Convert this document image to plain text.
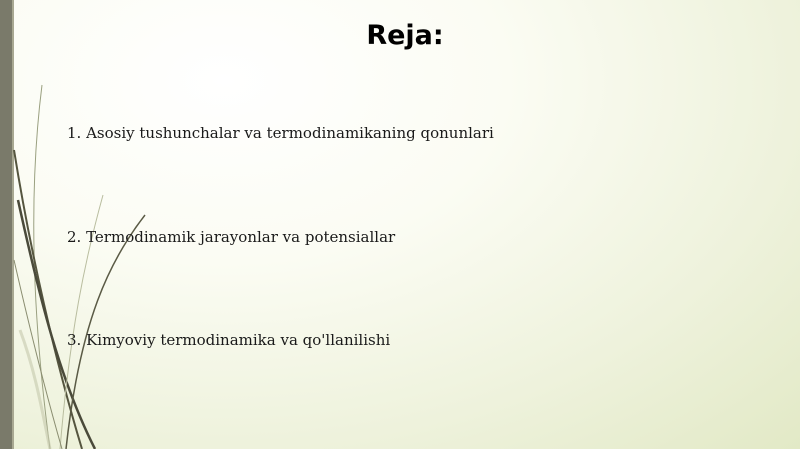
Reja:
1. Asosiy tushunchalar va termodinamikaning qonunlari
2. Termodinamik jarayonlar va potensiallar
3. Kimyoviy termodinamika va qo'llanilishi
